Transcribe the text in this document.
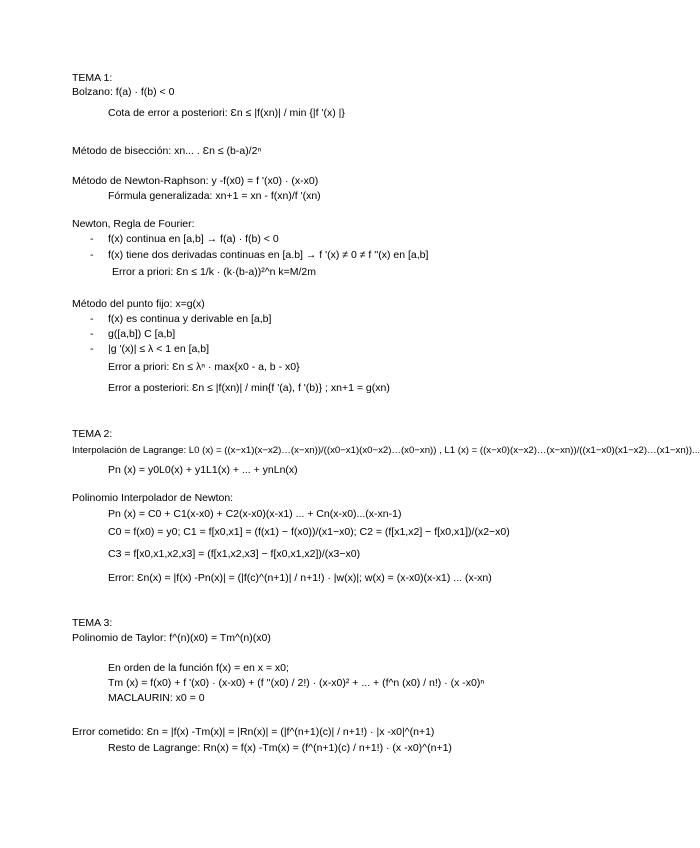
TEMA 1:
Bolzano: f(a) · f(b) < 0
Cota de error a posteriori: Ɛn ≤ |f(xn)| / min {|f '(x) |}
Método de bisección: xn... . Ɛn ≤ (b-a)/2ⁿ
Método de Newton-Raphson: y -f(x0) = f '(x0) · (x-x0)
Fórmula generalizada: xn+1 = xn - f(xn)/f '(xn)
Newton, Regla de Fourier:
- f(x) continua en [a,b] → f(a) · f(b) < 0
- f(x) tiene dos derivadas continuas en [a.b] → f '(x) ≠ 0 ≠ f ''(x) en [a,b]
Error a priori: Ɛn ≤ 1/k · (k·(b-a))²^n k=M/2m
Método del punto fijo: x=g(x)
- f(x) es continua y derivable en [a,b]
- g([a,b]) C [a,b]
- |g '(x)| ≤ λ < 1 en [a,b]
Error a priori: Ɛn ≤ λⁿ · max{x0 - a, b - x0}
Error a posteriori: Ɛn ≤ |f(xn)| / min{f '(a), f '(b)} ; xn+1 = g(xn)
TEMA 2:
Interpolación de Lagrange: L0 (x) = ((x−x1)(x−x2)…(x−xn))/((x0−x1)(x0−x2)…(x0−xn)) , L1 (x) = ((x−x0)(x−x2)…(x−xn))/((x1−x0)(x1−x2)…(x1−xn))...
Pn (x) = y0L0(x) + y1L1(x) + ... + ynLn(x)
Polinomio Interpolador de Newton:
Pn (x) = C0 + C1(x-x0) + C2(x-x0)(x-x1) ... + Cn(x-x0)...(x-xn-1)
C0 = f(x0) = y0; C1 = f[x0,x1] = (f(x1) − f(x0))/(x1−x0); C2 = (f[x1,x2] − f[x0,x1])/(x2−x0)
C3 = f[x0,x1,x2,x3] = (f[x1,x2,x3] − f[x0,x1,x2])/(x3−x0)
Error: Ɛn(x) = |f(x) -Pn(x)| = (|f(c)^(n+1)| / n+1!) · |w(x)|; w(x) = (x-x0)(x-x1) ... (x-xn)
TEMA 3:
Polinomio de Taylor: f^(n)(x0) = Tm^(n)(x0)
En orden de la función f(x) = en x = x0;
Tm (x) = f(x0) + f '(x0) · (x-x0) + (f ''(x0) / 2!) · (x-x0)² + ... + (f^n (x0) / n!) · (x -x0)ⁿ
MACLAURIN: x0 = 0
Error cometido: Ɛn = |f(x) -Tm(x)| = |Rn(x)| = (|f^(n+1)(c)| / n+1!) · |x -x0|^(n+1)
Resto de Lagrange: Rn(x) = f(x) -Tm(x) = (f^(n+1)(c) / n+1!) · (x -x0)^(n+1)
